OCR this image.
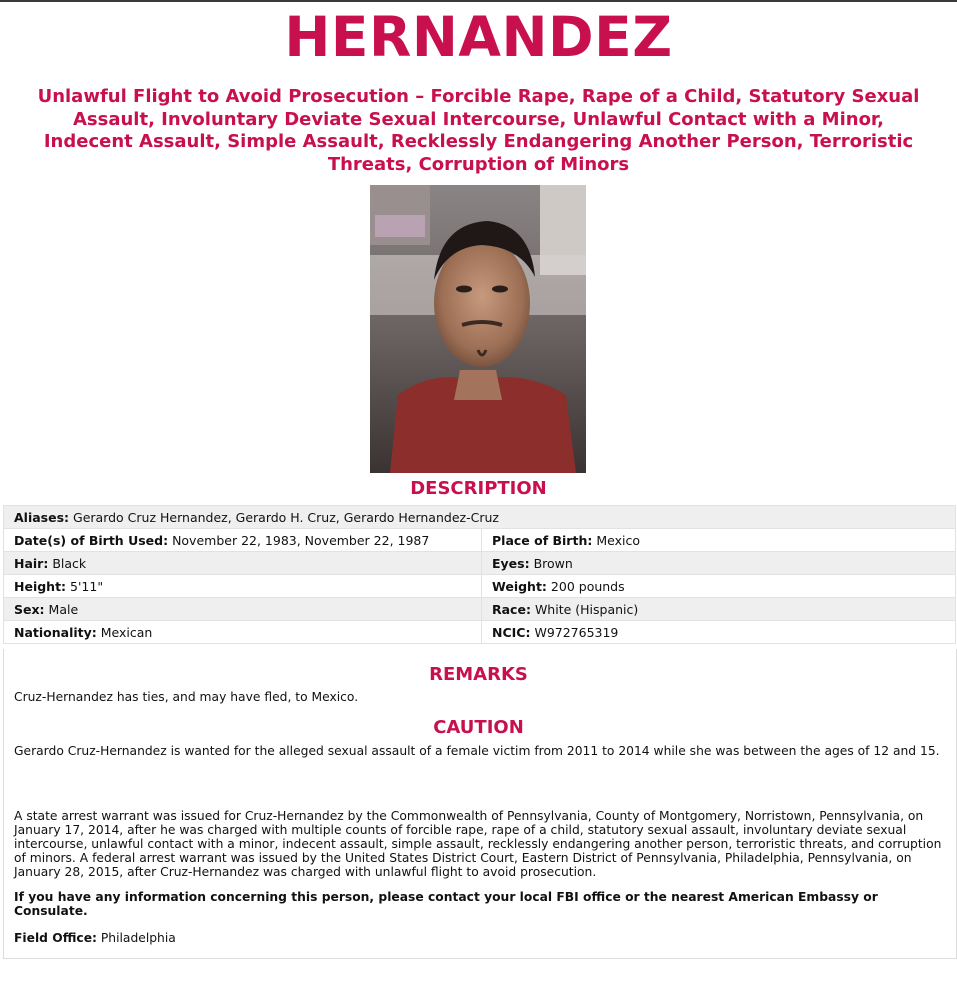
HERNANDEZ
Unlawful Flight to Avoid Prosecution – Forcible Rape, Rape of a Child, Statutory Sexual Assault, Involuntary Deviate Sexual Intercourse, Unlawful Contact with a Minor, Indecent Assault, Simple Assault, Recklessly Endangering Another Person, Terroristic Threats, Corruption of Minors
DESCRIPTION
Aliases: Gerardo Cruz Hernandez, Gerardo H. Cruz, Gerardo Hernandez-Cruz	
Date(s) of Birth Used: November 22, 1983, November 22, 1987	Place of Birth: Mexico
Hair: Black	Eyes: Brown
Height: 5'11"	Weight: 200 pounds
Sex: Male	Race: White (Hispanic)
Nationality: Mexican	NCIC: W972765319
REMARKS
Cruz-Hernandez has ties, and may have fled, to Mexico.
CAUTION
Gerardo Cruz-Hernandez is wanted for the alleged sexual assault of a female victim from 2011 to 2014 while she was between the ages of 12 and 15.
A state arrest warrant was issued for Cruz-Hernandez by the Commonwealth of Pennsylvania, County of Montgomery, Norristown, Pennsylvania, on January 17, 2014, after he was charged with multiple counts of forcible rape, rape of a child, statutory sexual assault, involuntary deviate sexual intercourse, unlawful contact with a minor, indecent assault, simple assault, recklessly endangering another person, terroristic threats, and corruption of minors. A federal arrest warrant was issued by the United States District Court, Eastern District of Pennsylvania, Philadelphia, Pennsylvania, on January 28, 2015, after Cruz-Hernandez was charged with unlawful flight to avoid prosecution.
If you have any information concerning this person, please contact your local FBI office or the nearest American Embassy or Consulate.
Field Office: Philadelphia
